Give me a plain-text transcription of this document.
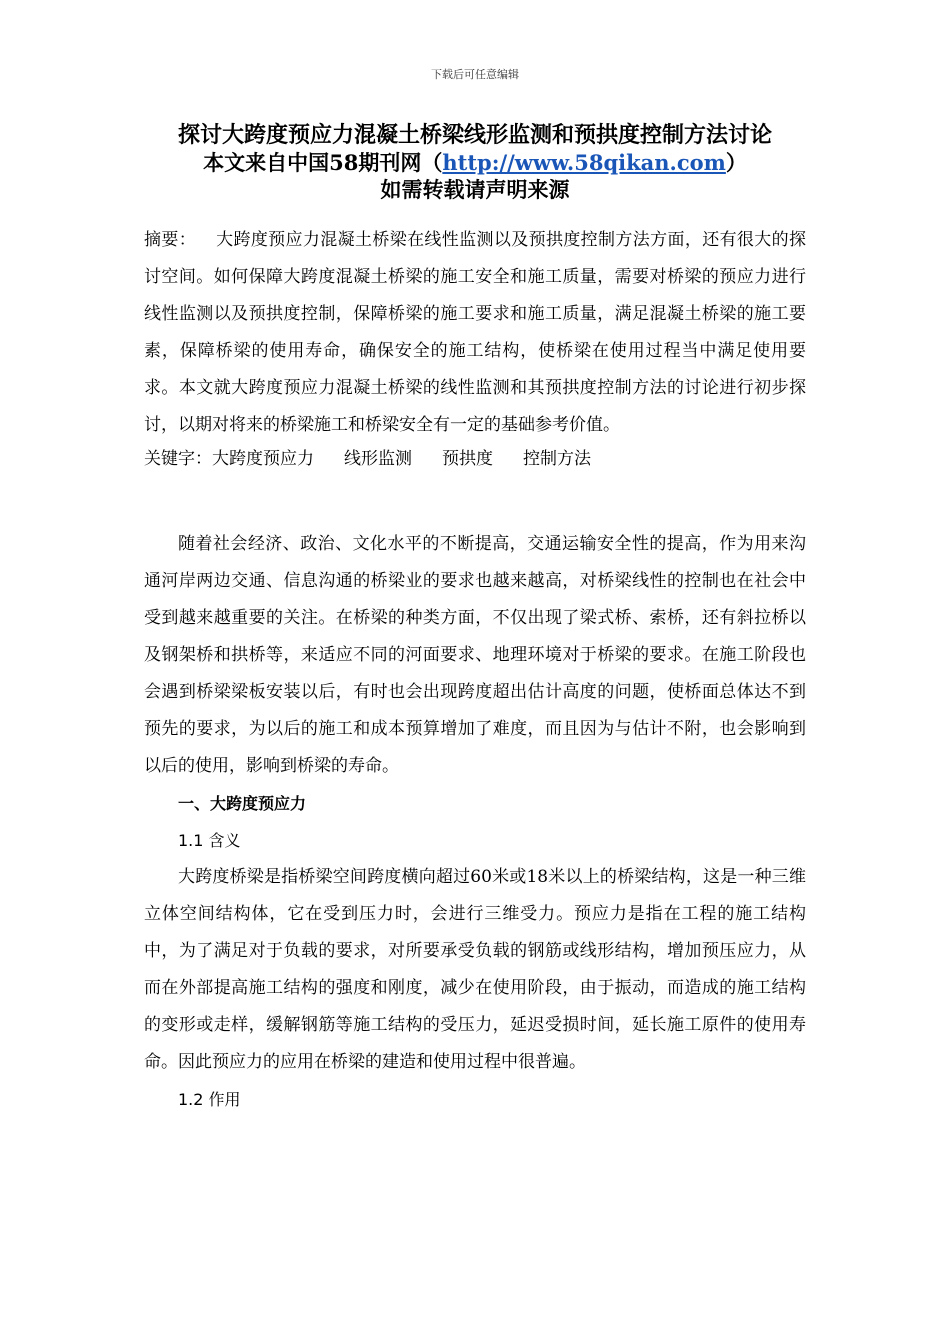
下载后可任意编辑
探讨大跨度预应力混凝土桥梁线形监测和预拱度控制方法讨论
本文来自中国58期刊网（http://www.58qikan.com）
如需转载请声明来源

摘要： 大跨度预应力混凝土桥梁在线性监测以及预拱度控制方法方面，还有很大的探讨空间。如何保障大跨度混凝土桥梁的施工安全和施工质量，需要对桥梁的预应力进行线性监测以及预拱度控制，保障桥梁的施工要求和施工质量，满足混凝土桥梁的施工要素，保障桥梁的使用寿命，确保安全的施工结构，使桥梁在使用过程当中满足使用要求。本文就大跨度预应力混凝土桥梁的线性监测和其预拱度控制方法的讨论进行初步探讨，以期对将来的桥梁施工和桥梁安全有一定的基础参考价值。

关键字：大跨度预应力 线形监测 预拱度 控制方法

随着社会经济、政治、文化水平的不断提高，交通运输安全性的提高，作为用来沟通河岸两边交通、信息沟通的桥梁业的要求也越来越高，对桥梁线性的控制也在社会中受到越来越重要的关注。在桥梁的种类方面，不仅出现了梁式桥、索桥，还有斜拉桥以及钢架桥和拱桥等，来适应不同的河面要求、地理环境对于桥梁的要求。在施工阶段也会遇到桥梁梁板安装以后，有时也会出现跨度超出估计高度的问题，使桥面总体达不到预先的要求，为以后的施工和成本预算增加了难度，而且因为与估计不附，也会影响到以后的使用，影响到桥梁的寿命。

一、大跨度预应力

1.1 含义

大跨度桥梁是指桥梁空间跨度横向超过60米或18米以上的桥梁结构，这是一种三维立体空间结构体，它在受到压力时，会进行三维受力。预应力是指在工程的施工结构中，为了满足对于负载的要求，对所要承受负载的钢筋或线形结构，增加预压应力，从而在外部提高施工结构的强度和刚度，减少在使用阶段，由于振动，而造成的施工结构的变形或走样，缓解钢筋等施工结构的受压力，延迟受损时间，延长施工原件的使用寿命。因此预应力的应用在桥梁的建造和使用过程中很普遍。

1.2 作用
